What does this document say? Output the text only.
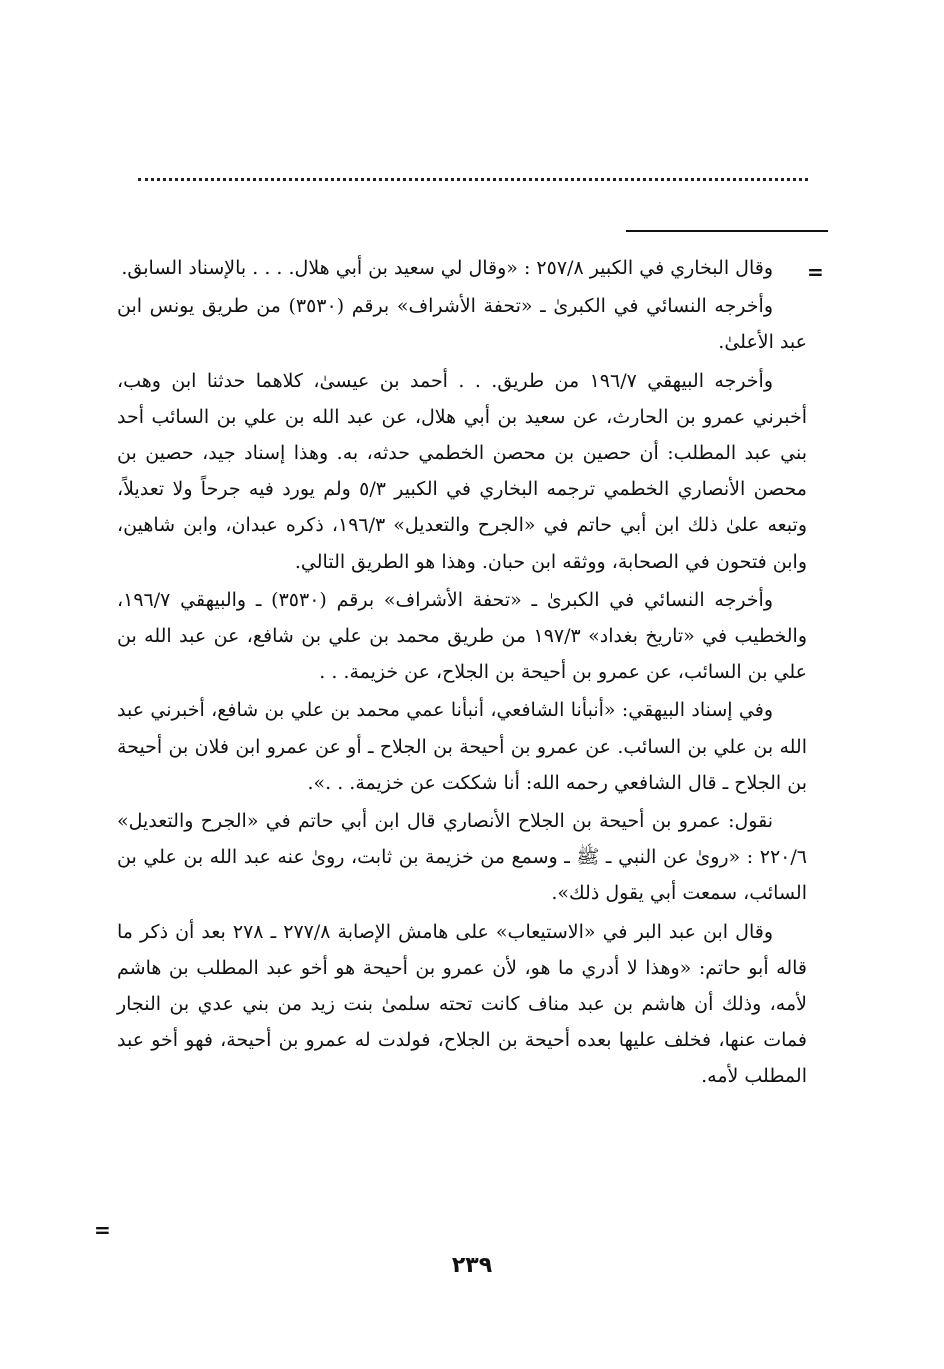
=

وقال البخاري في الكبير ٢٥٧/٨ : «وقال لي سعيد بن أبي هلال. . . . بالإسناد السابق.

وأخرجه النسائي في الكبرىٰ ـ «تحفة الأشراف» برقم (٣٥٣٠) من طريق يونس ابن عبد الأعلىٰ.

وأخرجه البيهقي ١٩٦/٧ من طريق. . . أحمد بن عيسىٰ، كلاهما حدثنا ابن وهب، أخبرني عمرو بن الحارث، عن سعيد بن أبي هلال، عن عبد الله بن علي بن السائب أحد بني عبد المطلب: أن حصين بن محصن الخطمي حدثه، به. وهذا إسناد جيد، حصين بن محصن الأنصاري الخطمي ترجمه البخاري في الكبير ٥/٣ ولم يورد فيه جرحاً ولا تعديلاً، وتبعه علىٰ ذلك ابن أبي حاتم في «الجرح والتعديل» ١٩٦/٣، ذكره عبدان، وابن شاهين، وابن فتحون في الصحابة، ووثقه ابن حبان. وهذا هو الطريق التالي.

وأخرجه النسائي في الكبرىٰ ـ «تحفة الأشراف» برقم (٣٥٣٠) ـ والبيهقي ١٩٦/٧، والخطيب في «تاريخ بغداد» ١٩٧/٣ من طريق محمد بن علي بن شافع، عن عبد الله بن علي بن السائب، عن عمرو بن أحيحة بن الجلاح، عن خزيمة. . .

وفي إسناد البيهقي: «أنبأنا الشافعي، أنبأنا عمي محمد بن علي بن شافع، أخبرني عبد الله بن علي بن السائب. عن عمرو بن أحيحة بن الجلاح ـ أو عن عمرو ابن فلان بن أحيحة بن الجلاح ـ قال الشافعي رحمه الله: أنا شككت عن خزيمة. . .».

نقول: عمرو بن أحيحة بن الجلاح الأنصاري قال ابن أبي حاتم في «الجرح والتعديل» ٢٢٠/٦ : «روىٰ عن النبي ـ ﷺ ـ وسمع من خزيمة بن ثابت، روىٰ عنه عبد الله بن علي بن السائب، سمعت أبي يقول ذلك».

وقال ابن عبد البر في «الاستيعاب» على هامش الإصابة ٢٧٧/٨ ـ ٢٧٨ بعد أن ذكر ما قاله أبو حاتم: «وهذا لا أدري ما هو، لأن عمرو بن أحيحة هو أخو عبد المطلب بن هاشم لأمه، وذلك أن هاشم بن عبد مناف كانت تحته سلمىٰ بنت زيد من بني عدي بن النجار فمات عنها، فخلف عليها بعده أحيحة بن الجلاح، فولدت له عمرو بن أحيحة، فهو أخو عبد المطلب لأمه.

=
٢٣٩
